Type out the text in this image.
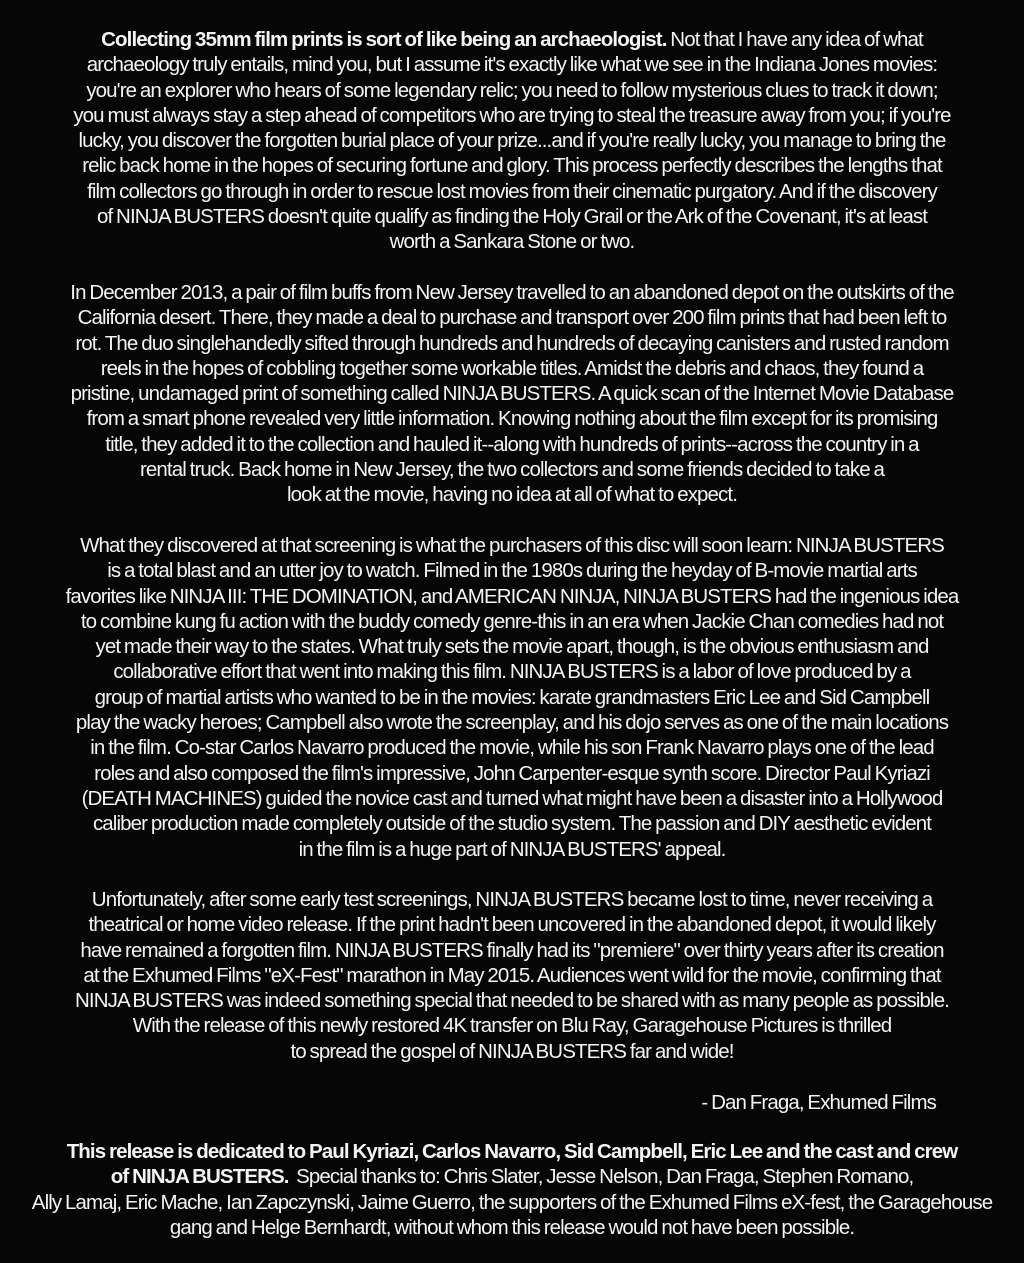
Collecting 35mm film prints is sort of like being an archaeologist. Not that I have any idea of what
archaeology truly entails, mind you, but I assume it's exactly like what we see in the Indiana Jones movies:
you're an explorer who hears of some legendary relic; you need to follow mysterious clues to track it down;
you must always stay a step ahead of competitors who are trying to steal the treasure away from you; if you're
lucky, you discover the forgotten burial place of your prize...and if you're really lucky, you manage to bring the
relic back home in the hopes of securing fortune and glory. This process perfectly describes the lengths that
film collectors go through in order to rescue lost movies from their cinematic purgatory. And if the discovery
of NINJA BUSTERS doesn't quite qualify as finding the Holy Grail or the Ark of the Covenant, it's at least
worth a Sankara Stone or two.
In December 2013, a pair of film buffs from New Jersey travelled to an abandoned depot on the outskirts of the
California desert. There, they made a deal to purchase and transport over 200 film prints that had been left to
rot. The duo singlehandedly sifted through hundreds and hundreds of decaying canisters and rusted random
reels in the hopes of cobbling together some workable titles. Amidst the debris and chaos, they found a
pristine, undamaged print of something called NINJA BUSTERS. A quick scan of the Internet Movie Database
from a smart phone revealed very little information. Knowing nothing about the film except for its promising
title, they added it to the collection and hauled it--along with hundreds of prints--across the country in a
rental truck. Back home in New Jersey, the two collectors and some friends decided to take a
look at the movie, having no idea at all of what to expect.
What they discovered at that screening is what the purchasers of this disc will soon learn: NINJA BUSTERS
is a total blast and an utter joy to watch. Filmed in the 1980s during the heyday of B-movie martial arts
favorites like NINJA III: THE DOMINATION, and AMERICAN NINJA, NINJA BUSTERS had the ingenious idea
to combine kung fu action with the buddy comedy genre-this in an era when Jackie Chan comedies had not
yet made their way to the states. What truly sets the movie apart, though, is the obvious enthusiasm and
collaborative effort that went into making this film. NINJA BUSTERS is a labor of love produced by a
group of martial artists who wanted to be in the movies: karate grandmasters Eric Lee and Sid Campbell
play the wacky heroes; Campbell also wrote the screenplay, and his dojo serves as one of the main locations
in the film. Co-star Carlos Navarro produced the movie, while his son Frank Navarro plays one of the lead
roles and also composed the film's impressive, John Carpenter-esque synth score. Director Paul Kyriazi
(DEATH MACHINES) guided the novice cast and turned what might have been a disaster into a Hollywood
caliber production made completely outside of the studio system. The passion and DIY aesthetic evident
in the film is a huge part of NINJA BUSTERS' appeal.
Unfortunately, after some early test screenings, NINJA BUSTERS became lost to time, never receiving a
theatrical or home video release. If the print hadn't been uncovered in the abandoned depot, it would likely
have remained a forgotten film. NINJA BUSTERS finally had its "premiere" over thirty years after its creation
at the Exhumed Films "eX-Fest" marathon in May 2015. Audiences went wild for the movie, confirming that
NINJA BUSTERS was indeed something special that needed to be shared with as many people as possible.
With the release of this newly restored 4K transfer on Blu Ray, Garagehouse Pictures is thrilled
to spread the gospel of NINJA BUSTERS far and wide!
- Dan Fraga, Exhumed Films
This release is dedicated to Paul Kyriazi, Carlos Navarro, Sid Campbell, Eric Lee and the cast and crew
of NINJA BUSTERS.  Special thanks to: Chris Slater, Jesse Nelson, Dan Fraga, Stephen Romano,
Ally Lamaj, Eric Mache, Ian Zapczynski, Jaime Guerro, the supporters of the Exhumed Films eX-fest, the Garagehouse
gang and Helge Bernhardt, without whom this release would not have been possible.
